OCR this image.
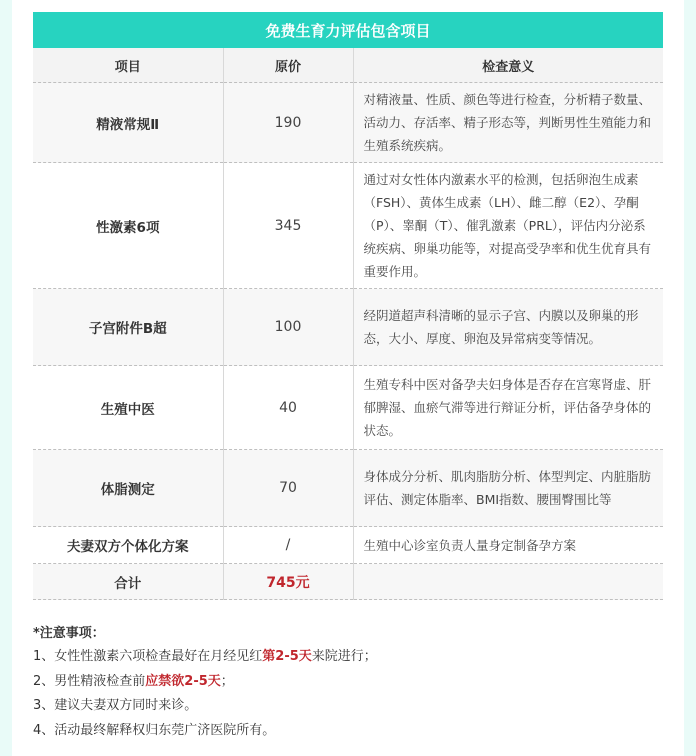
免费生育力评估包含项目
项目	原价	检查意义
精液常规Ⅱ	190	对精液量、性质、颜色等进行检查，分析精子数量、活动力、存活率、精子形态等，判断男性生殖能力和生殖系统疾病。
性激素6项	345	通过对女性体内激素水平的检测，包括卵泡生成素（FSH）、黄体生成素（LH）、雌二醇（E2）、孕酮（P）、睾酮（T）、催乳激素（PRL），评估内分泌系统疾病、卵巢功能等，对提高受孕率和优生优育具有重要作用。
子宫附件B超	100	经阴道超声科清晰的显示子宫、内膜以及卵巢的形态，大小、厚度、卵泡及异常病变等情况。
生殖中医	40	生殖专科中医对备孕夫妇身体是否存在宫寒肾虚、肝郁脾湿、血瘀气滞等进行辩证分析，评估备孕身体的状态。
体脂测定	70	身体成分分析、肌肉脂肪分析、体型判定、内脏脂肪评估、测定体脂率、BMI指数、腰围臀围比等
夫妻双方个体化方案	/	生殖中心诊室负责人量身定制备孕方案
合计	745元	
*注意事项：
1、女性性激素六项检查最好在月经见红第2-5天来院进行；
2、男性精液检查前应禁欲2-5天；
3、建议夫妻双方同时来诊。
4、活动最终解释权归东莞广济医院所有。
